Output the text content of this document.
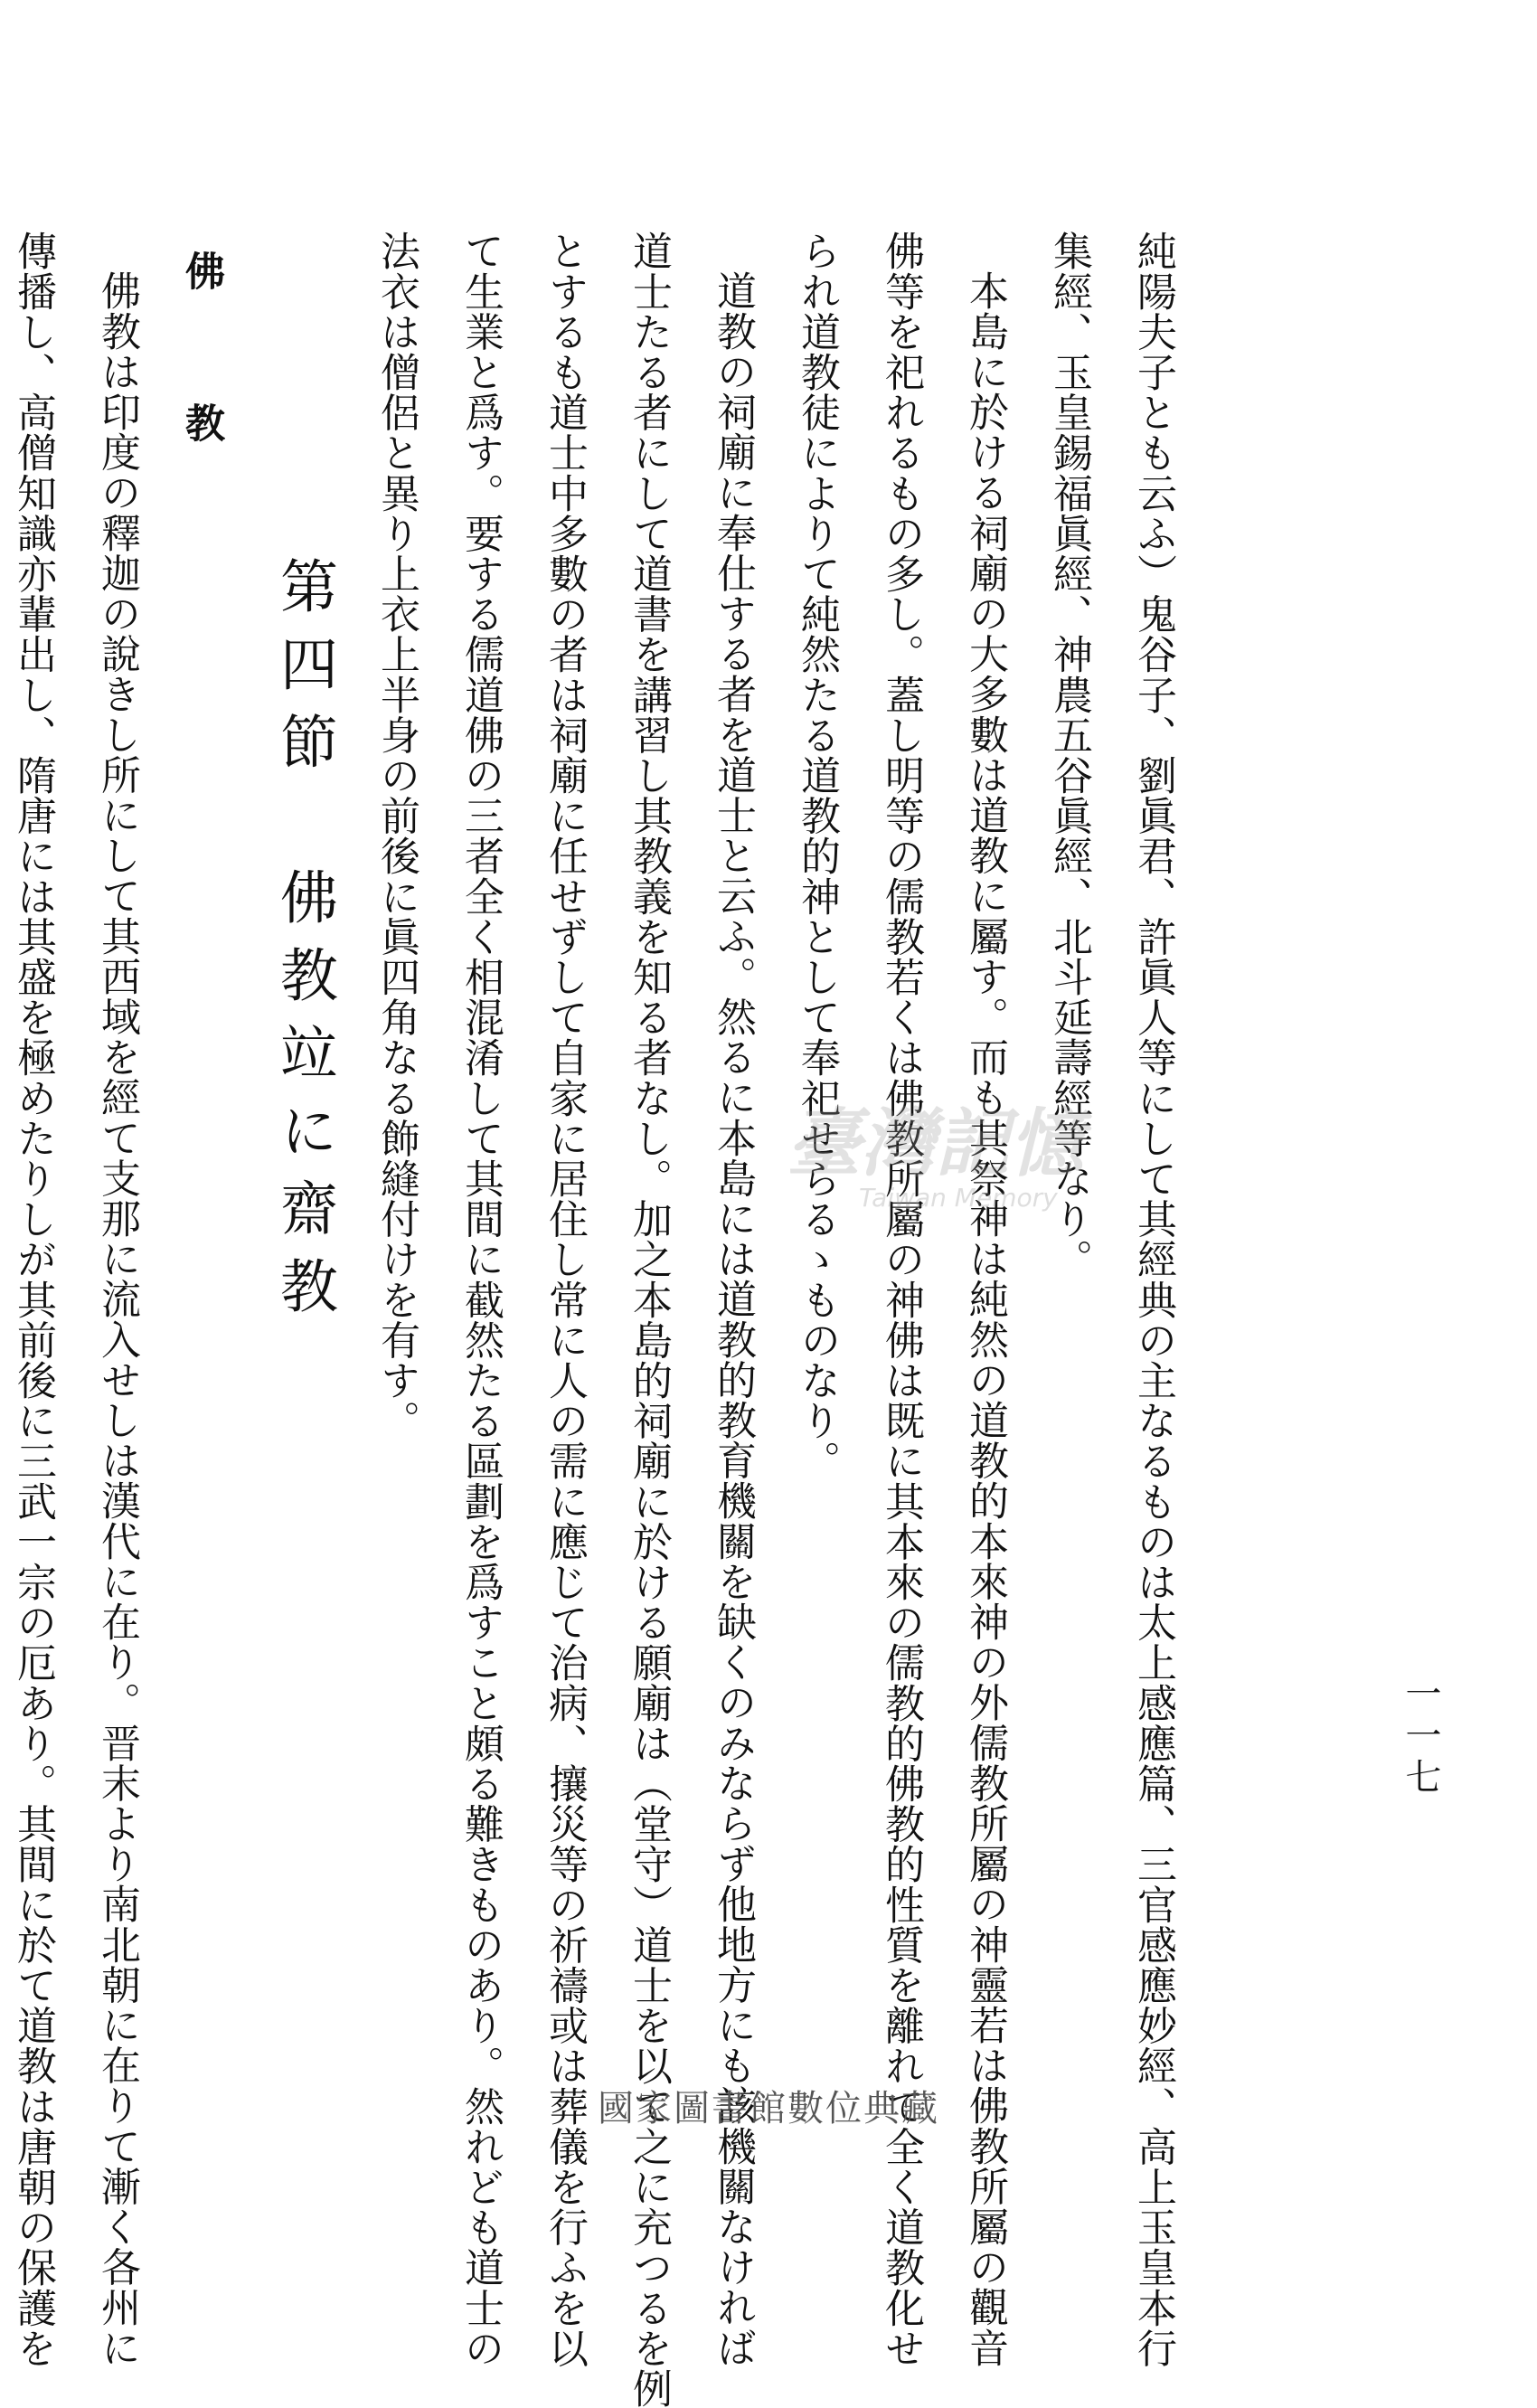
純陽夫子とも云ふ）鬼谷子、劉眞君、許眞人等にして其經典の主なるものは太上感應篇、三官感應妙經、高上玉皇本行
集經、玉皇錫福眞經、神農五谷眞經、北斗延壽經等なり。
本島に於ける祠廟の大多數は道教に屬す。而も其祭神は純然の道教的本來神の外儒教所屬の神靈若は佛教所屬の觀音
佛等を祀れるもの多し。蓋し明等の儒教若くは佛教所屬の神佛は既に其本來の儒教的佛教的性質を離れて全く道教化せ
られ道教徒によりて純然たる道教的神として奉祀せらるゝものなり。
道教の祠廟に奉仕する者を道士と云ふ。然るに本島には道教的教育機關を缺くのみならず他地方にも該機關なければ
道士たる者にして道書を講習し其教義を知る者なし。加之本島的祠廟に於ける願廟は（堂守）道士を以て之に充つるを例
とするも道士中多數の者は祠廟に任せずして自家に居住し常に人の需に應じて治病、攘災等の祈禱或は葬儀を行ふを以
て生業と爲す。要する儒道佛の三者全く相混淆して其間に截然たる區劃を爲すこと頗る難きものあり。然れども道士の
法衣は僧侶と異り上衣上半身の前後に眞四角なる飾縫付けを有す。
第四節　佛教竝に齋教
佛　教
佛教は印度の釋迦の說きし所にして其西域を經て支那に流入せしは漢代に在り。晋末より南北朝に在りて漸く各州に
傳播し、高僧知識亦輩出し、隋唐には其盛を極めたりしが其前後に三武一宗の厄あり。其間に於て道教は唐朝の保護を	一一七
臺灣記憶
Taiwan Memory
國家圖書館數位典藏
